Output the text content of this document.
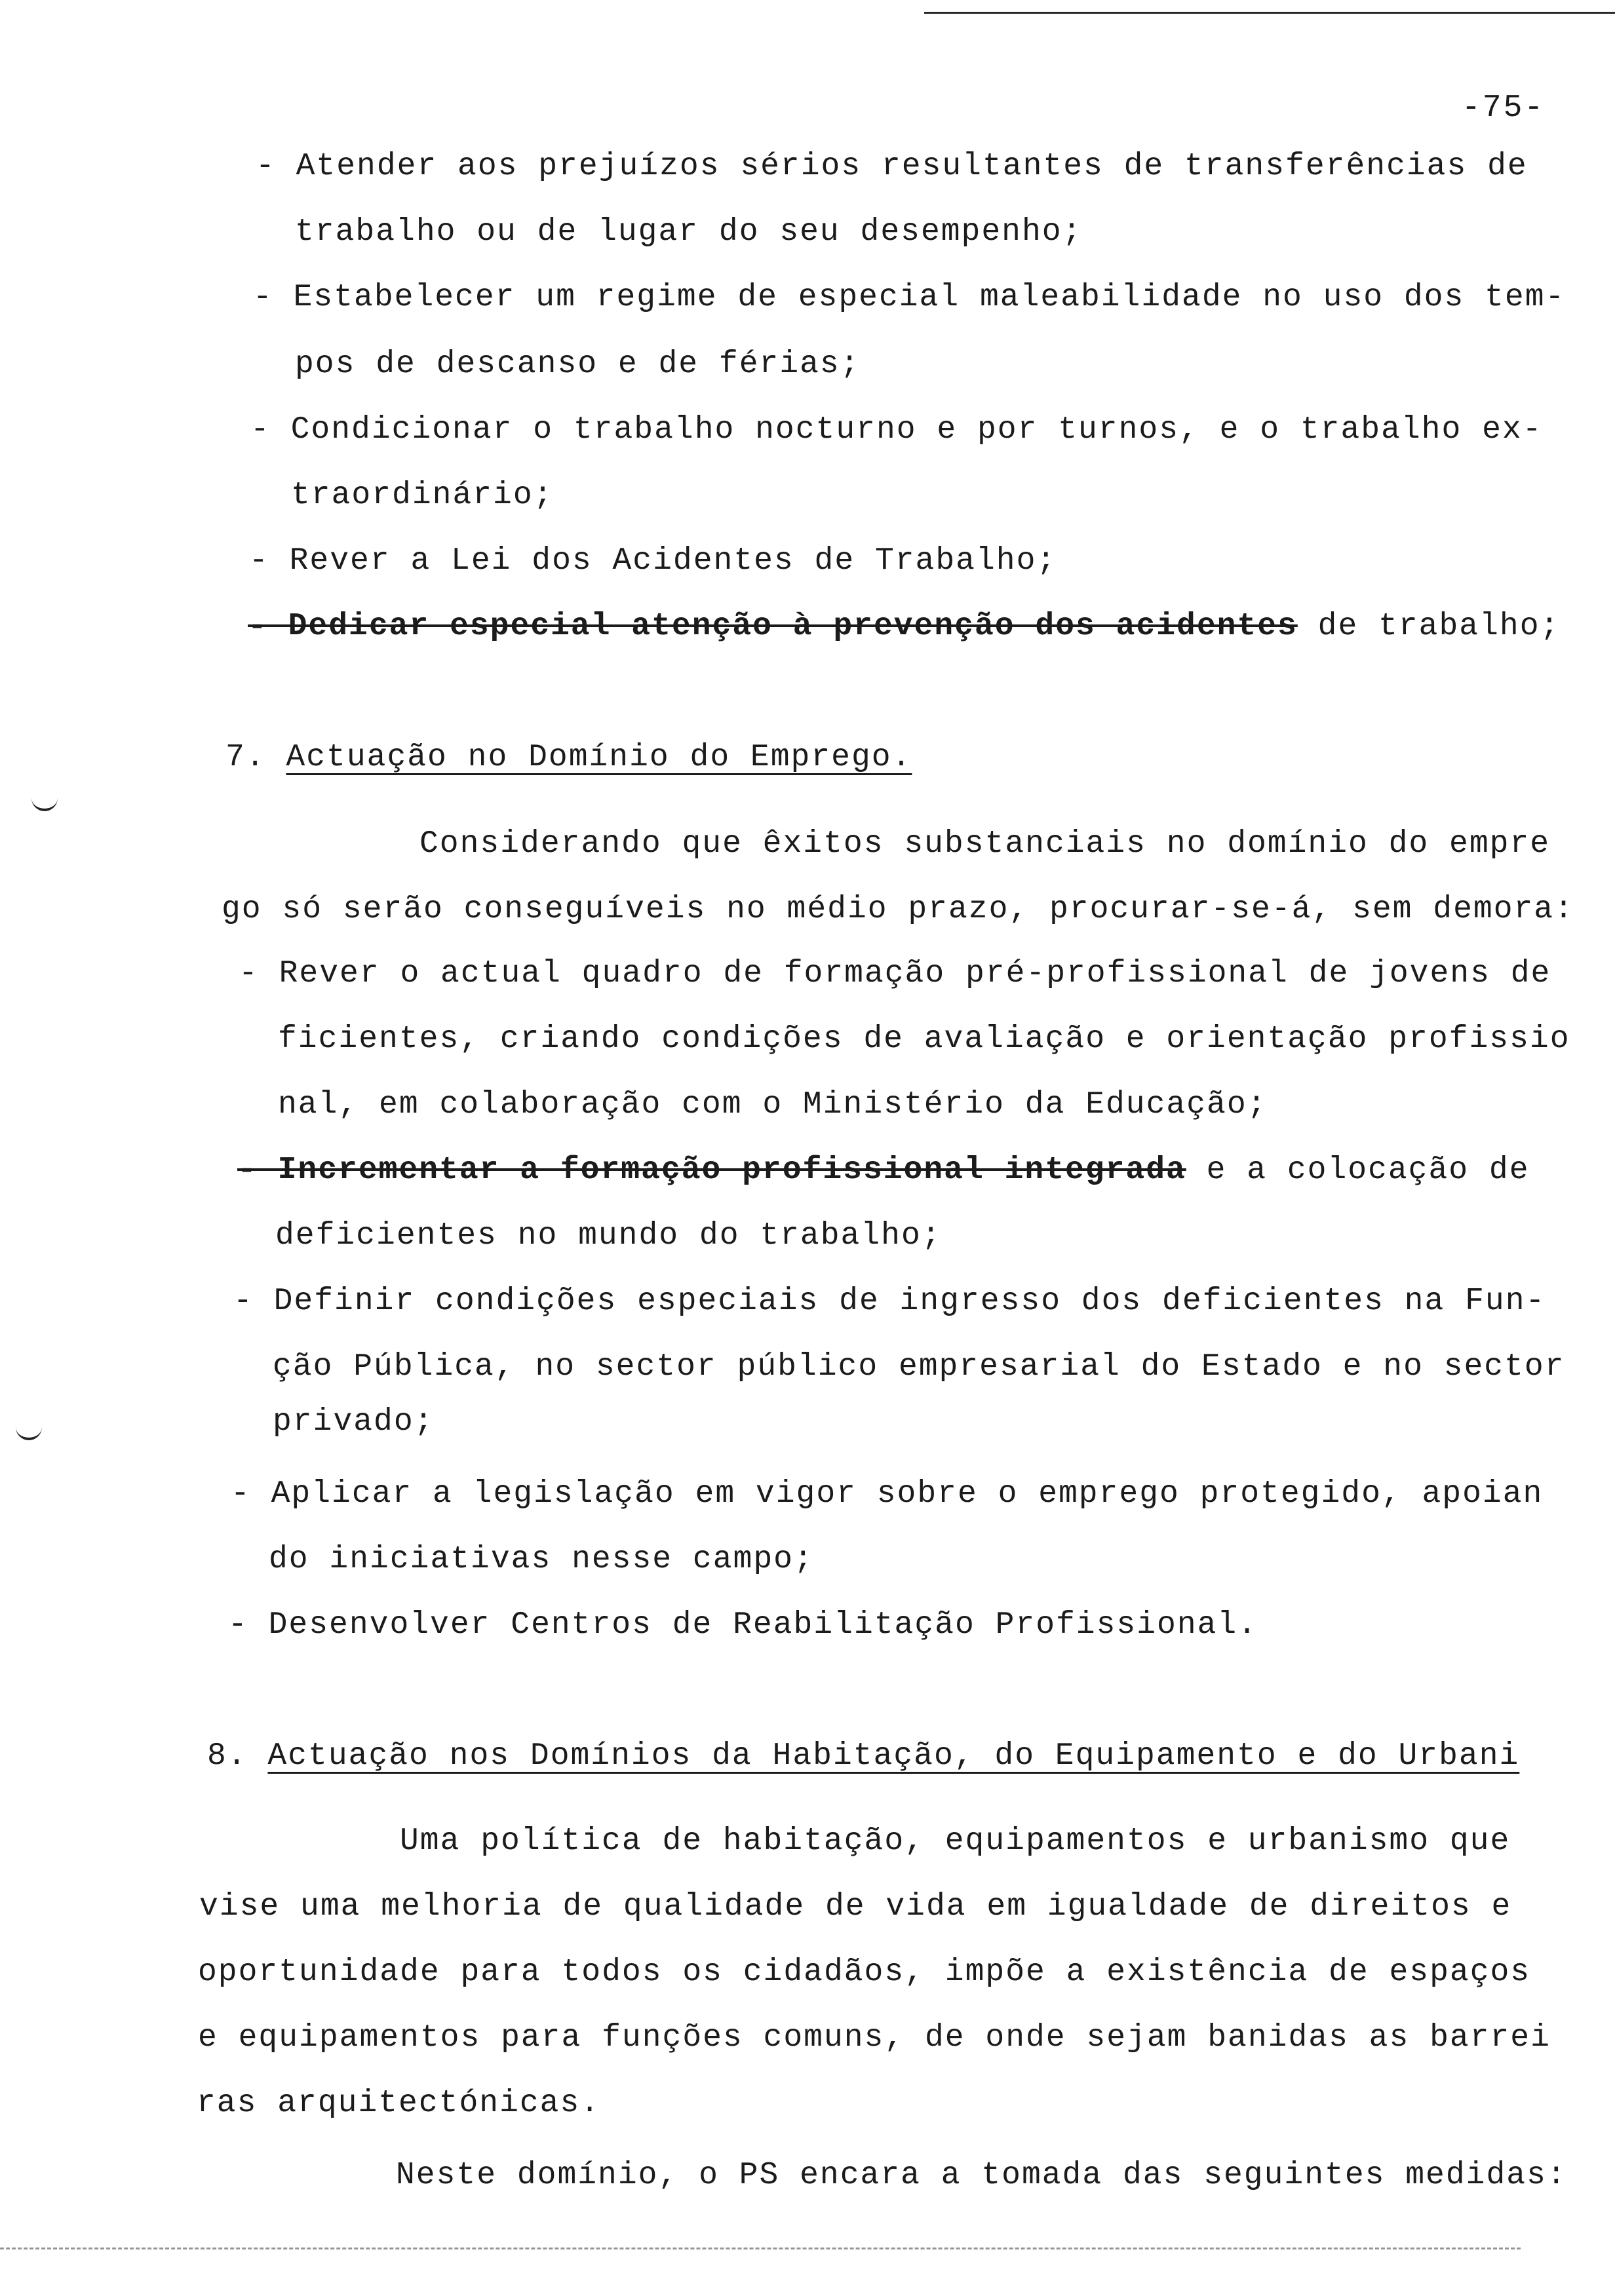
-75-
- Atender aos prejuízos sérios resultantes de transferências de
trabalho ou de lugar do seu desempenho;
- Estabelecer um regime de especial maleabilidade no uso dos tem-
pos de descanso e de férias;
- Condicionar o trabalho nocturno e por turnos, e o trabalho ex-
traordinário;
- Rever a Lei dos Acidentes de Trabalho;
- Dedicar especial atenção à prevenção dos acidentes de trabalho;
7. Actuação no Domínio do Emprego.
Considerando que êxitos substanciais no domínio do empre
go só serão conseguíveis no médio prazo, procurar-se-á, sem demora:
- Rever o actual quadro de formação pré-profissional de jovens de
ficientes, criando condições de avaliação e orientação profissio
nal, em colaboração com o Ministério da Educação;
- Incrementar a formação profissional integrada e a colocação de
deficientes no mundo do trabalho;
- Definir condições especiais de ingresso dos deficientes na Fun-
ção Pública, no sector público empresarial do Estado e no sector
privado;
- Aplicar a legislação em vigor sobre o emprego protegido, apoian
do iniciativas nesse campo;
- Desenvolver Centros de Reabilitação Profissional.
8. Actuação nos Domínios da Habitação, do Equipamento e do Urbani
Uma política de habitação, equipamentos e urbanismo que
vise uma melhoria de qualidade de vida em igualdade de direitos e
oportunidade para todos os cidadãos, impõe a existência de espaços
e equipamentos para funções comuns, de onde sejam banidas as barrei
ras arquitectónicas.
Neste domínio, o PS encara a tomada das seguintes medidas:
